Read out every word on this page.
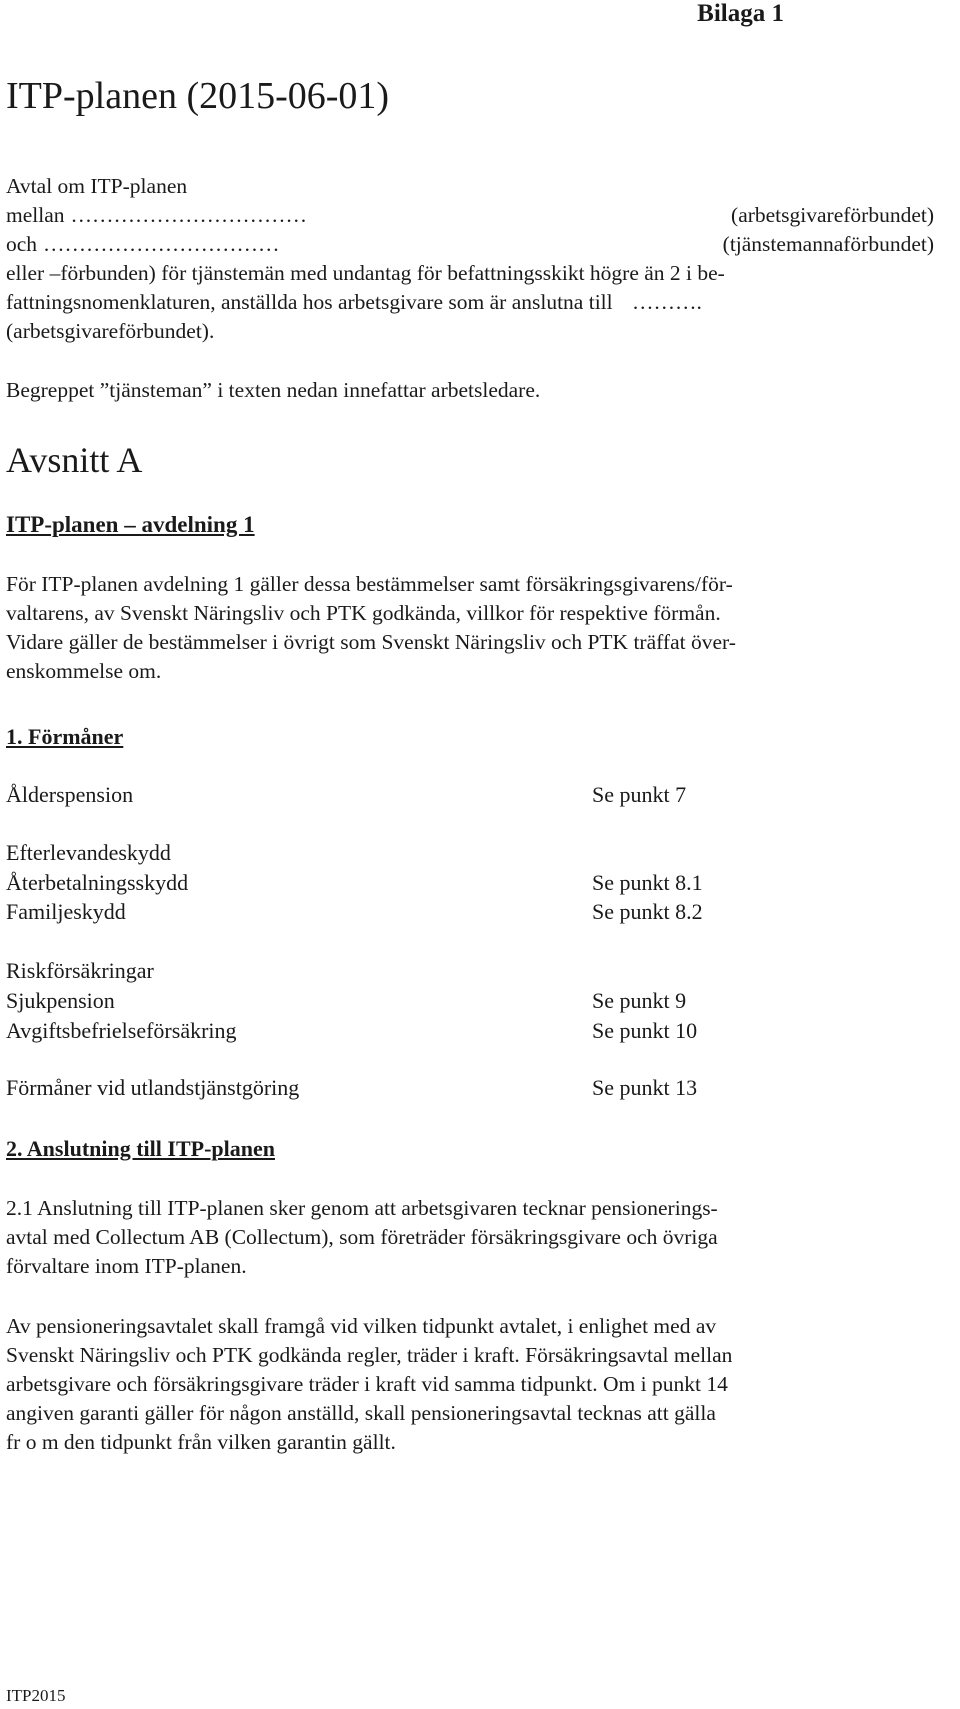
Bilaga 1
ITP-planen (2015-06-01)

Avtal om ITP-planen

mellan ……………………………	(arbetsgivareförbundet)

och ……………………………	(tjänstemannaförbundet)

eller –förbunden) för tjänstemän med undantag för befattningsskikt högre än 2 i be-

fattningsnomenklaturen, anställda hos arbetsgivare som är anslutna till ……….

(arbetsgivareförbundet).

Begreppet ”tjänsteman” i texten nedan innefattar arbetsledare.

Avsnitt A
ITP-planen – avdelning 1

För ITP-planen avdelning 1 gäller dessa bestämmelser samt försäkringsgivarens/för-

valtarens, av Svenskt Näringsliv och PTK godkända, villkor för respektive förmån.

Vidare gäller de bestämmelser i övrigt som Svenskt Näringsliv och PTK träffat över-

enskommelse om.

1. Förmåner
Ålderspension	Se punkt 7
Efterlevandeskydd
Återbetalningsskydd	Se punkt 8.1
Familjeskydd	Se punkt 8.2
Riskförsäkringar
Sjukpension	Se punkt 9
Avgiftsbefrielseförsäkring	Se punkt 10
Förmåner vid utlandstjänstgöring	Se punkt 13
2. Anslutning till ITP-planen

2.1 Anslutning till ITP-planen sker genom att arbetsgivaren tecknar pensionerings-

avtal med Collectum AB (Collectum), som företräder försäkringsgivare och övriga

förvaltare inom ITP-planen.

Av pensioneringsavtalet skall framgå vid vilken tidpunkt avtalet, i enlighet med av

Svenskt Näringsliv och PTK godkända regler, träder i kraft. Försäkringsavtal mellan

arbetsgivare och försäkringsgivare träder i kraft vid samma tidpunkt. Om i punkt 14

angiven garanti gäller för någon anställd, skall pensioneringsavtal tecknas att gälla

fr o m den tidpunkt från vilken garantin gällt.

ITP2015
